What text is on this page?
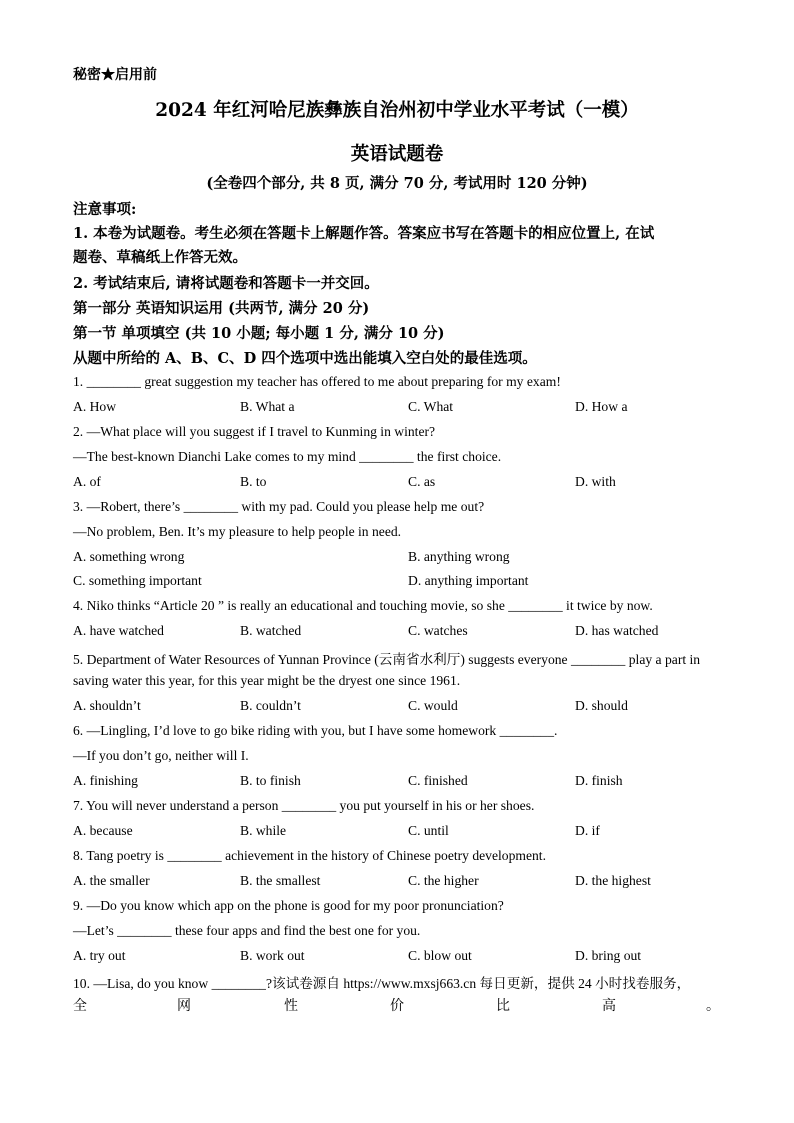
秘密★启用前
2024 年红河哈尼族彝族自治州初中学业水平考试（一模）
英语试题卷
(全卷四个部分, 共 8 页, 满分 70 分, 考试用时 120 分钟)
注意事项:
1. 本卷为试题卷。考生必须在答题卡上解题作答。答案应书写在答题卡的相应位置上, 在试
题卷、草稿纸上作答无效。
2. 考试结束后, 请将试题卷和答题卡一并交回。
第一部分 英语知识运用 (共两节, 满分 20 分)
第一节 单项填空 (共 10 小题; 每小题 1 分, 满分 10 分)
从题中所给的 A、B、C、D 四个选项中选出能填入空白处的最佳选项。
1. ________ great suggestion my teacher has offered to me about preparing for my exam!
A. How	B. What a	C. What	D. How a
2. —What place will you suggest if I travel to Kunming in winter?
—The best-known Dianchi Lake comes to my mind ________ the first choice.
A. of	B. to	C. as	D. with
3. —Robert, there’s ________ with my pad. Could you please help me out?
—No problem, Ben. It’s my pleasure to help people in need.
A. something wrong	B. anything wrong
C. something important	D. anything important
4. Niko thinks “Article 20 ” is really an educational and touching movie, so she ________ it twice by now.
A. have watched	B. watched	C. watches	D. has watched
5. Department of Water Resources of Yunnan Province (云南省水利厅) suggests everyone ________ play a part in
saving water this year, for this year might be the dryest one since 1961.
A. shouldn’t	B. couldn’t	C. would	D. should
6. —Lingling, I’d love to go bike riding with you, but I have some homework ________.
—If you don’t go, neither will I.
A. finishing	B. to finish	C. finished	D. finish
7. You will never understand a person ________ you put yourself in his or her shoes.
A. because	B. while	C. until	D. if
8. Tang poetry is ________ achievement in the history of Chinese poetry development.
A. the smaller	B. the smallest	C. the higher	D. the highest
9. —Do you know which app on the phone is good for my poor pronunciation?
—Let’s ________ these four apps and find the best one for you.
A. try out	B. work out	C. blow out	D. bring out
10. —Lisa, do you know ________?该试卷源自 https://www.mxsj663.cn 每日更新，提供 24 小时找卷服务，
全	网	性	价	比	高	。
